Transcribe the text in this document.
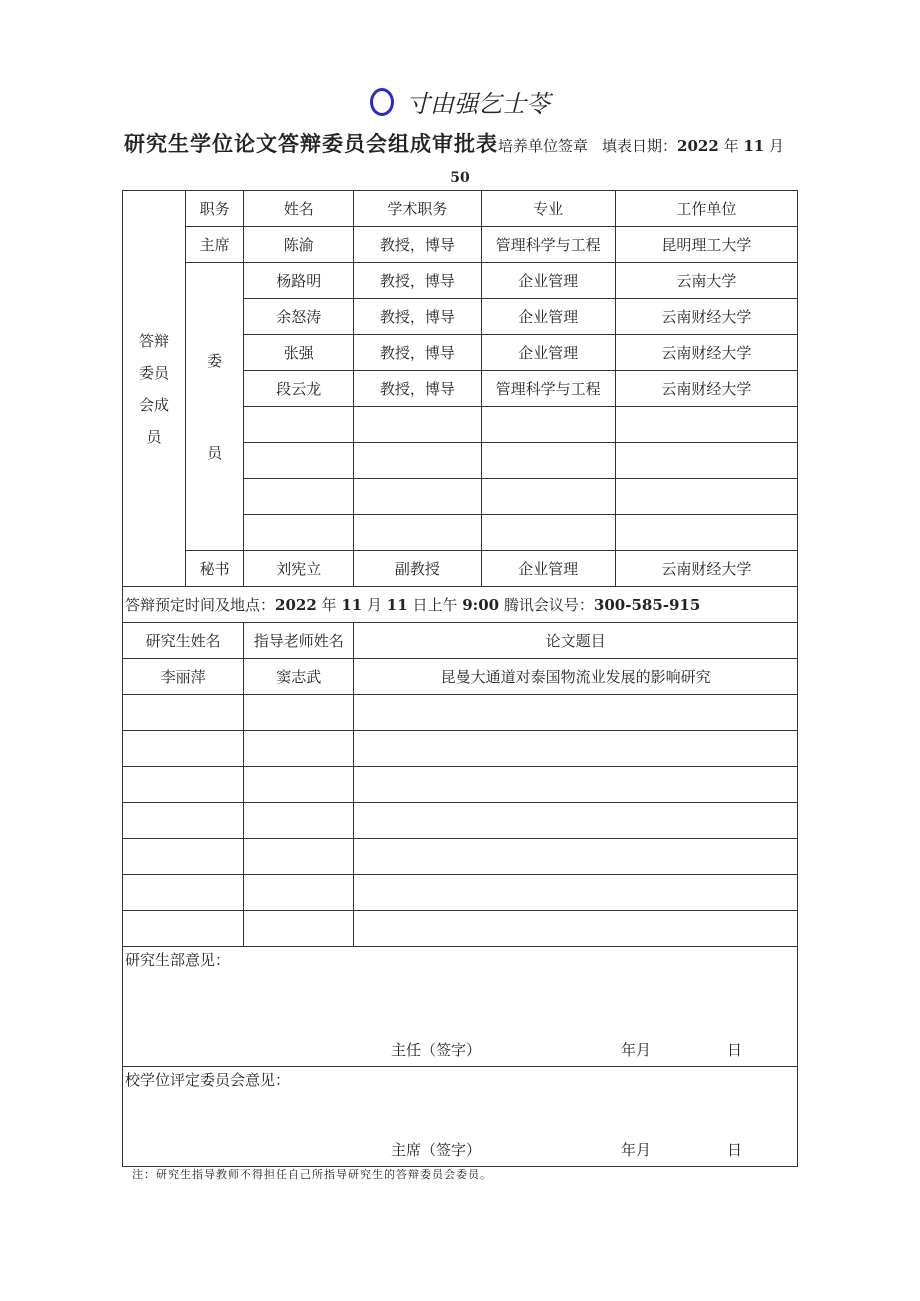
寸由强乞士苓
研究生学位论文答辩委员会组成审批表培养单位签章 填表日期：2022 年 11 月
50
答辩委员会成员	职务	姓名	学术职务	专业	工作单位
	主席	陈渝	教授，博导	管理科学与工程	昆明理工大学

	委员	杨路明	教授，博导	企业管理	云南大学
		余怒涛	教授，博导	企业管理	云南财经大学
		张强	教授，博导	企业管理	云南财经大学
		段云龙	教授，博导	管理科学与工程	云南财经大学

	秘书	刘宪立	副教授	企业管理	云南财经大学
答辩预定时间及地点：2022 年 11 月 11 日上午 9:00 腾讯会议号：300-585-915					
研究生姓名		指导老师姓名	论文题目		
李丽萍		窦志武	昆曼大通道对泰国物流业发展的影响研究		

研究生部意见：
主任（签字） 年月 日					

校学位评定委员会意见：
主席（签字） 年月 日					
注：研究生指导教师不得担任自己所指导研究生的答辩委员会委员。
